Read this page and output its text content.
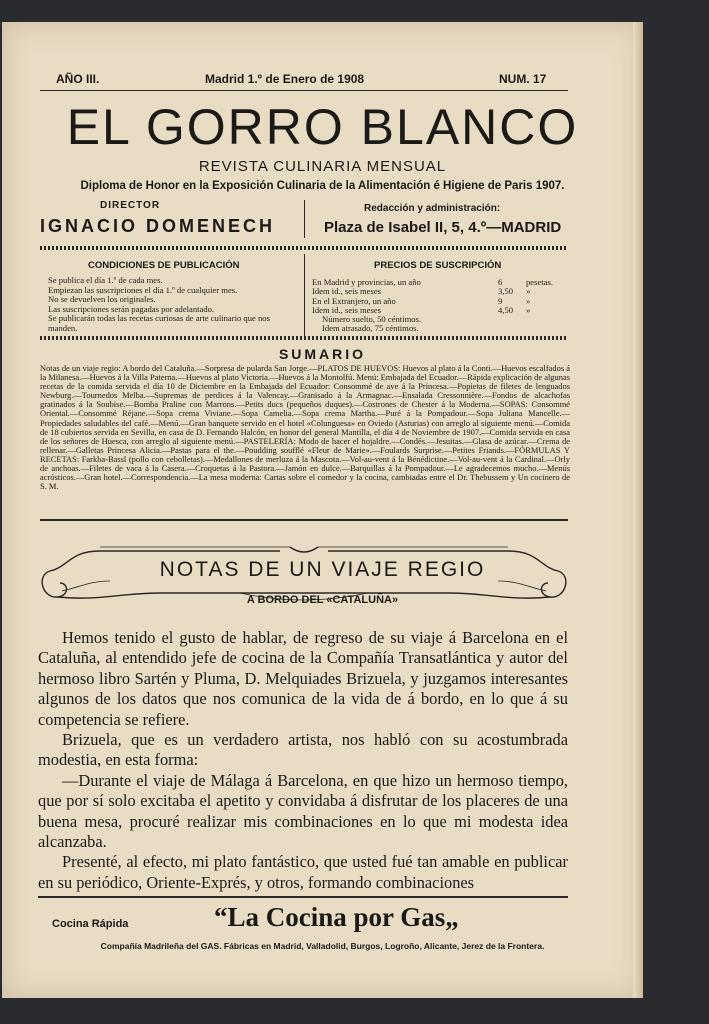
AÑO III.	Madrid 1.º de Enero de 1908	NUM. 17
EL GORRO BLANCO
REVISTA CULINARIA MENSUAL
Diploma de Honor en la Exposición Culinaria de la Alimentación é Higiene de Paris 1907.
DIRECTOR
IGNACIO DOMENECH
Redacción y administración:
Plaza de Isabel II, 5, 4.º—MADRID
CONDICIONES DE PUBLICACIÓN	PRECIOS DE SUSCRIPCIÓN
Se publica el día 1.º de cada mes.
Empiezan las suscripciones el día 1.º de cualquier mes.
No se devuelven los originales.
Las suscripciones serán pagadas por adelantado.
Se publicarán todas las recetas curiosas de arte culinario que nos manden.
En Madrid y provincias, un año	6	pesetas.
Idem id., seis meses	3,50	»
En el Extranjero, un año	9	»
Idem id., seis meses	4,50	»
Número suelto, 50 céntimos.
Idem atrasado, 75 céntimos.
SUMARIO
Notas de un viaje regio: A bordo del Cataluña.—Sorpresa de pularda San Jorge.—PLATOS DE HUEVOS: Huevos al plato á la Conti.—Huevos escalfados á la Milanesa.—Huevos á la Villa Paterna.—Huevos al plato Victoria.—Huevos á la Montolfú. Menú: Embajada del Ecuador.—Rápida explicación de algunas recetas de la comida servida el día 10 de Diciembre en la Embajada del Ecuador: Consommé de ave á la Princesa.—Popietas de filetes de lenguados Newburg.—Tournedos Melba.—Supremas de perdices á la Valencay.—Granisado á la Armagnac.—Ensalada Cressonnière.—Fondos de alcachofas gratinados á la Soubise.—Bomba Praline con Marrons.—Petits ducs (pequeños duques).—Costrones de Chester á la Moderna.—SOPAS: Consommé Oriental.—Consommé Réjane.—Sopa crema Viviane.—Sopa Camelia.—Sopa crema Martha.—Puré á la Pompadour.—Sopa Juliana Mancelle.—Propiedades saludables del café.—Menú.—Gran banquete servido en el hotel «Colunguesa» en Oviedo (Asturias) con arreglo al siguiente menú.—Comida de 18 cubiertos servida en Sevilla, en casa de D. Fernando Halcón, en honor del general Mantilla, el día 4 de Noviembre de 1907.—Comida servida en casa de los señores de Huesca, con arreglo al siguiente menú.—PASTELERÍA: Modo de hacer el hojaldre.—Condés.—Jesuitas.—Glasa de azúcar.—Crema de rellenar.—Galletas Princesa Alicia.—Pastas para el the.—Poudding soufflé «Fleur de Marie».—Foulards Surprise.—Petites Friands.—FÓRMULAS Y RECETAS: Farkba-Bassl (pollo con cebolletas).—Medallones de merluza á la Mascota.—Vol-au-vent á la Bénédictine.—Vol-au-vent á la Cardinal.—Orly de anchoas.—Filetes de vaca á la Casera.—Croquetas á la Pastora.—Jamón en dulce.—Barquillas á la Pompadour.—Le agradecemos mucho.—Menús acrósticos.—Gran hotel.—Correspondencia.—La mesa moderna: Cartas sobre el comedor y la cocina, cambiadas entre el Dr. Thebussem y Un cocinero de S. M.
NOTAS DE UN VIAJE REGIO
A BORDO DEL «CATALUÑA»

Hemos tenido el gusto de hablar, de regreso de su viaje á Barcelona en el Cataluña, al entendido jefe de cocina de la Compañía Transatlántica y autor del hermoso libro Sartén y Pluma, D. Melquiades Brizuela, y juzgamos interesantes algunos de los datos que nos comunica de la vida de á bordo, en lo que á su competencia se refiere.

Brizuela, que es un verdadero artista, nos habló con su acostumbrada modestia, en esta forma:

—Durante el viaje de Málaga á Barcelona, en que hizo un hermoso tiempo, que por sí solo excitaba el apetito y convidaba á disfrutar de los placeres de una buena mesa, procuré realizar mis combinaciones en lo que mi modesta idea alcanzaba.

Presenté, al efecto, mi plato fantástico, que usted fué tan amable en publicar en su periódico, Oriente-Exprés, y otros, formando combinaciones

Cocina Rápida	“La Cocina por Gas„
Compañía Madrileña del GAS. Fábricas en Madrid, Valladolid, Burgos, Logroño, Alicante, Jerez de la Frontera.
